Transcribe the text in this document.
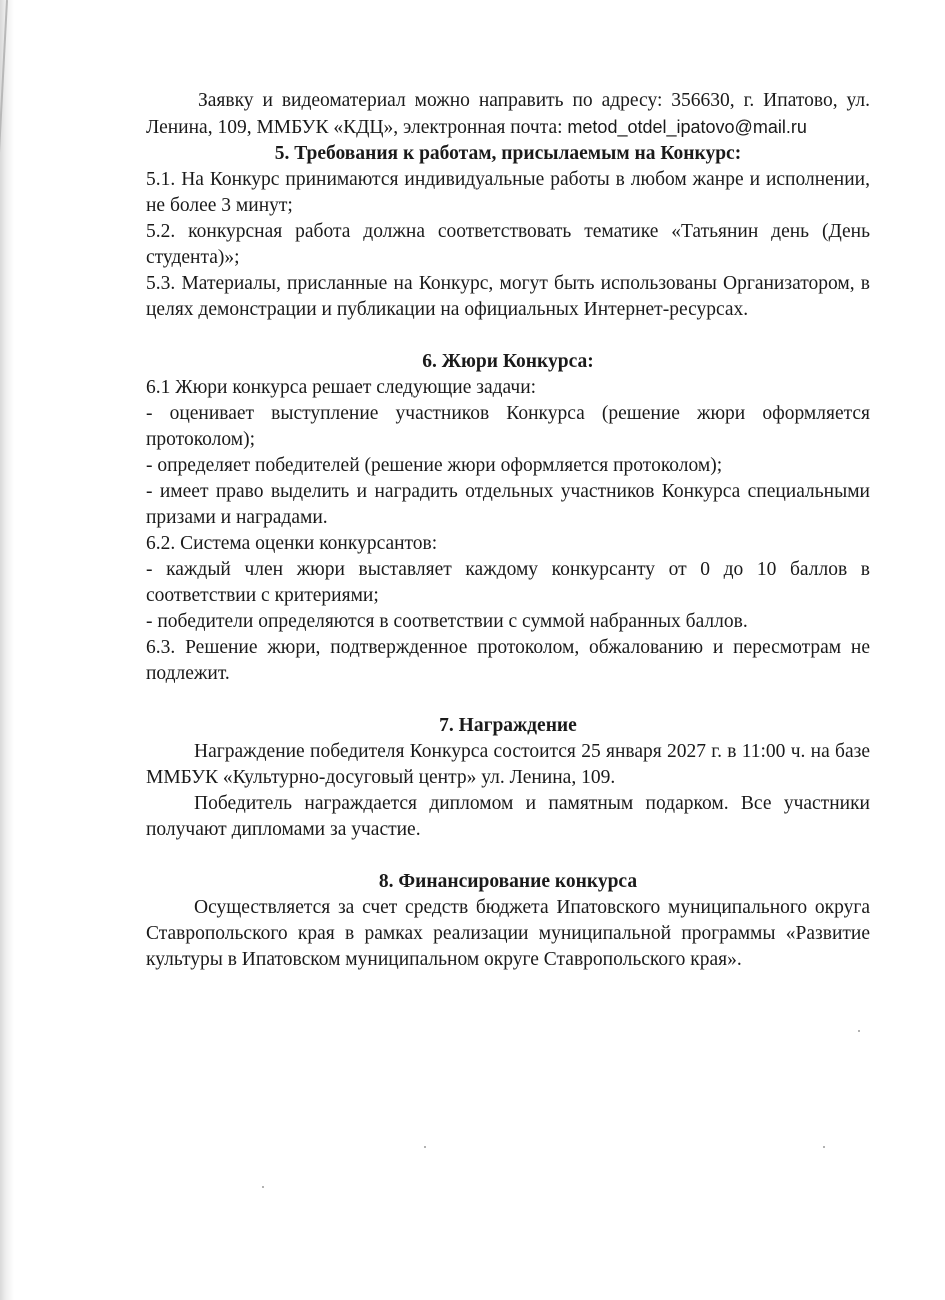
Заявку и видеоматериал можно направить по адресу: 356630, г. Ипатово, ул. Ленина, 109, ММБУК «КДЦ», электронная почта: metod_otdel_ipatovo@mail.ru

5. Требования к работам, присылаемым на Конкурс:

5.1. На Конкурс принимаются индивидуальные работы в любом жанре и исполнении, не более 3 минут;

5.2. конкурсная работа должна соответствовать тематике «Татьянин день (День студента)»;

5.3. Материалы, присланные на Конкурс, могут быть использованы Организатором, в целях демонстрации и публикации на официальных Интернет-ресурсах.

6. Жюри Конкурса:

6.1 Жюри конкурса решает следующие задачи:

- оценивает выступление участников Конкурса (решение жюри оформляется протоколом);

- определяет победителей (решение жюри оформляется протоколом);

- имеет право выделить и наградить отдельных участников Конкурса специальными призами и наградами.

6.2. Система оценки конкурсантов:

- каждый член жюри выставляет каждому конкурсанту от 0 до 10 баллов в соответствии с критериями;

- победители определяются в соответствии с суммой набранных баллов.

6.3. Решение жюри, подтвержденное протоколом, обжалованию и пересмотрам не подлежит.

7. Награждение

Награждение победителя Конкурса состоится 25 января 2027 г. в 11:00 ч. на базе ММБУК «Культурно-досуговый центр» ул. Ленина, 109.

Победитель награждается дипломом и памятным подарком. Все участники получают дипломами за участие.

8. Финансирование конкурса

Осуществляется за счет средств бюджета Ипатовского муниципального округа Ставропольского края в рамках реализации муниципальной программы «Развитие культуры в Ипатовском муниципальном округе Ставропольского края».
